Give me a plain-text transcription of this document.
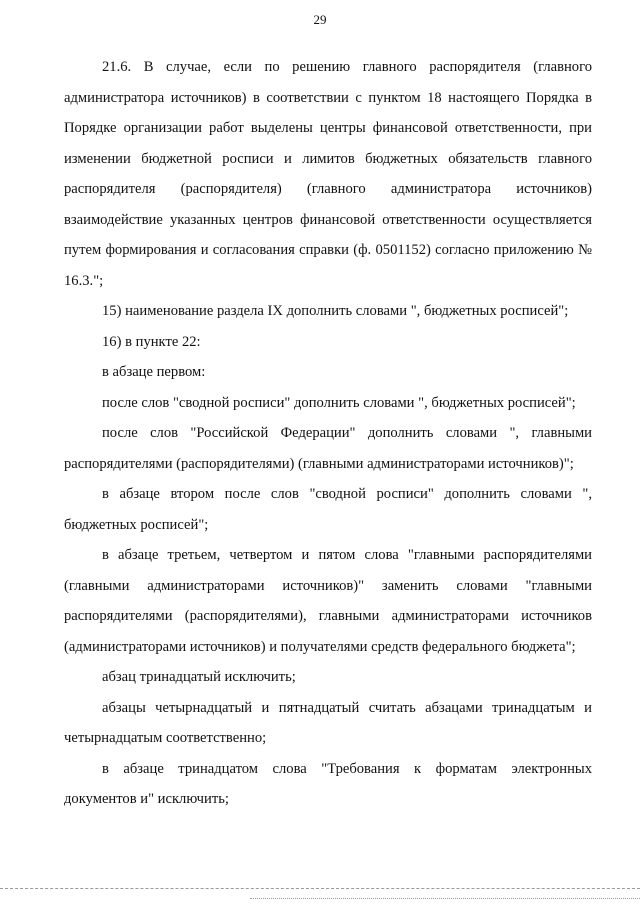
29

21.6. В случае, если по решению главного распорядителя (главного администратора источников) в соответствии с пунктом 18 настоящего Порядка в Порядке организации работ выделены центры финансовой ответственности, при изменении бюджетной росписи и лимитов бюджетных обязательств главного распорядителя (распорядителя) (главного администратора источников) взаимодействие указанных центров финансовой ответственности осуществляется путем формирования и согласования справки (ф. 0501152) согласно приложению № 16.3.";

15) наименование раздела IX дополнить словами ", бюджетных росписей";

16) в пункте 22:

в абзаце первом:

после слов "сводной росписи" дополнить словами ", бюджетных росписей";

после слов "Российской Федерации" дополнить словами ", главными распорядителями (распорядителями) (главными администраторами источников)";

в абзаце втором после слов "сводной росписи" дополнить словами ", бюджетных росписей";

в абзаце третьем, четвертом и пятом слова "главными распорядителями (главными администраторами источников)" заменить словами "главными распорядителями (распорядителями), главными администраторами источников (администраторами источников) и получателями средств федерального бюджета";

абзац тринадцатый исключить;

абзацы четырнадцатый и пятнадцатый считать абзацами тринадцатым и четырнадцатым соответственно;

в абзаце тринадцатом слова "Требования к форматам электронных документов и" исключить;
